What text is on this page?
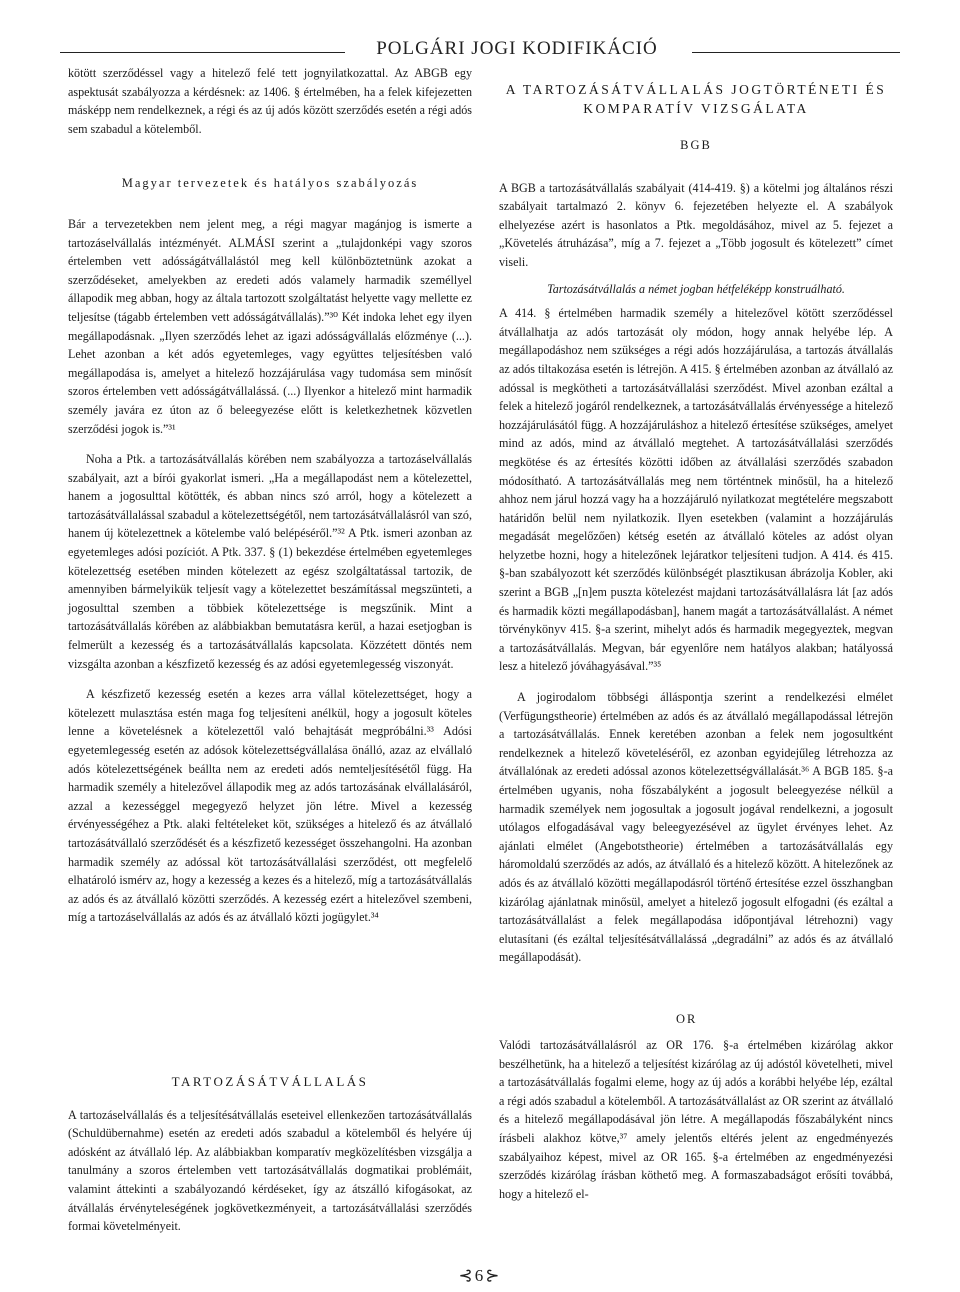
POLGÁRI JOGI KODIFIKÁCIÓ

kötött szerződéssel vagy a hitelező felé tett jognyilatkozattal. Az ABGB egy aspektusát szabályozza a kérdésnek: az 1406. § értelmében, ha a felek kifejezetten másképp nem rendelkeznek, a régi és az új adós között szerződés esetén a régi adós sem szabadul a kötelemből.

Magyar tervezetek és hatályos szabályozás

Bár a tervezetekben nem jelent meg, a régi magyar magánjog is ismerte a tartozáselvállalás intézményét. ALMÁSI szerint a „tulajdonképi vagy szoros értelemben vett adósságátvállalástól meg kell különböztetnünk azokat a szerződéseket, amelyekben az eredeti adós valamely harmadik személlyel állapodik meg abban, hogy az általa tartozott szolgáltatást helyette vagy mellette ez teljesítse (tágabb értelemben vett adósságátvállalás).”³⁰ Két indoka lehet egy ilyen megállapodásnak. „Ilyen szerződés lehet az igazi adósságvállalás előzménye (...). Lehet azonban a két adós egyetemleges, vagy együttes teljesítésben való megállapodása is, amelyet a hitelező hozzájárulása vagy tudomása sem minősít szoros értelemben vett adósságátvállalássá. (...) Ilyenkor a hitelező mint harmadik személy javára ez úton az ő beleegyezése előtt is keletkezhetnek közvetlen szerződési jogok is.”³¹

Noha a Ptk. a tartozásátvállalás körében nem szabályozza a tartozáselvállalás szabályait, azt a bírói gyakorlat ismeri. „Ha a megállapodást nem a kötelezettel, hanem a jogosulttal kötötték, és abban nincs szó arról, hogy a kötelezett a tartozásátvállalással szabadul a kötelezettségétől, nem tartozásátvállalásról van szó, hanem új kötelezettnek a kötelembe való belépéséről.”³² A Ptk. ismeri azonban az egyetemleges adósi pozíciót. A Ptk. 337. § (1) bekezdése értelmében egyetemleges kötelezettség esetében minden kötelezett az egész szolgáltatással tartozik, de amennyiben bármelyikük teljesít vagy a kötelezettet beszámítással megszünteti, a jogosulttal szemben a többiek kötelezettsége is megszűnik. Mint a tartozásátvállalás körében az alábbiakban bemutatásra kerül, a hazai esetjogban is felmerült a kezesség és a tartozásátvállalás kapcsolata. Közzétett döntés nem vizsgálta azonban a készfizető kezesség és az adósi egyetemlegesség viszonyát.

A készfizető kezesség esetén a kezes arra vállal kötelezettséget, hogy a kötelezett mulasztása estén maga fog teljesíteni anélkül, hogy a jogosult köteles lenne a követelésnek a kötelezettől való behajtását megpróbálni.³³ Adósi egyetemlegesség esetén az adósok kötelezettségvállalása önálló, azaz az elvállaló adós kötelezettségének beállta nem az eredeti adós nemteljesítésétől függ. Ha harmadik személy a hitelezővel állapodik meg az adós tartozásának elvállalásáról, azzal a kezességgel megegyező helyzet jön létre. Mivel a kezesség érvényességéhez a Ptk. alaki feltételeket köt, szükséges a hitelező és az átvállaló tartozásátvállaló szerződését és a készfizető kezességet összehangolni. Ha azonban harmadik személy az adóssal köt tartozásátvállalási szerződést, ott megfelelő elhatároló ismérv az, hogy a kezesség a kezes és a hitelező, míg a tartozásátvállalás az adós és az átvállaló közötti szerződés. A kezesség ezért a hitelezővel szembeni, míg a tartozáselvállalás az adós és az átvállaló közti jogügylet.³⁴

A TARTOZÁSÁTVÁLLALÁS JOGTÖRTÉNETI ÉS KOMPARATÍV VIZSGÁLATA
BGB

A BGB a tartozásátvállalás szabályait (414-419. §) a kötelmi jog általános részi szabályait tartalmazó 2. könyv 6. fejezetében helyezte el. A szabályok elhelyezése azért is hasonlatos a Ptk. megoldásához, mivel az 5. fejezet a „Követelés átruházása”, míg a 7. fejezet a „Több jogosult és kötelezett” címet viseli.

Tartozásátvállalás a német jogban hétfeléképp konstruálható.

A 414. § értelmében harmadik személy a hitelezővel kötött szerződéssel átvállalhatja az adós tartozását oly módon, hogy annak helyébe lép. A megállapodáshoz nem szükséges a régi adós hozzájárulása, a tartozás átvállalás az adós tiltakozása esetén is létrejön. A 415. § értelmében azonban az átvállaló az adóssal is megkötheti a tartozásátvállalási szerződést. Mivel azonban ezáltal a felek a hitelező jogáról rendelkeznek, a tartozásátvállalás érvényessége a hitelező hozzájárulásától függ. A hozzájáruláshoz a hitelező értesítése szükséges, amelyet mind az adós, mind az átvállaló megtehet. A tartozásátvállalási szerződés megkötése és az értesítés közötti időben az átvállalási szerződés szabadon módosítható. A tartozásátvállalás meg nem történtnek minősül, ha a hitelező ahhoz nem járul hozzá vagy ha a hozzájáruló nyilatkozat megtételére megszabott határidőn belül nem nyilatkozik. Ilyen esetekben (valamint a hozzájárulás megadását megelőzően) kétség esetén az átvállaló köteles az adóst olyan helyzetbe hozni, hogy a hitelezőnek lejáratkor teljesíteni tudjon. A 414. és 415. §-ban szabályozott két szerződés különbségét plasztikusan ábrázolja Kobler, aki szerint a BGB „[n]em puszta kötelezést majdani tartozásátvállalásra lát [az adós és harmadik közti megállapodásban], hanem magát a tartozásátvállalást. A német törvénykönyv 415. §-a szerint, mihelyt adós és harmadik megegyeztek, megvan a tartozásátvállalás. Megvan, bár egyenlőre nem hatályos alakban; hatályossá lesz a hitelező jóváhagyásával.”³⁵

A jogirodalom többségi álláspontja szerint a rendelkezési elmélet (Verfügungstheorie) értelmében az adós és az átvállaló megállapodással létrejön a tartozásátvállalás. Ennek keretében azonban a felek nem jogosultként rendelkeznek a hitelező követeléséről, ez azonban egyidejűleg létrehozza az átvállalónak az eredeti adóssal azonos kötelezettségvállalását.³⁶ A BGB 185. §-a értelmében ugyanis, noha főszabályként a jogosult beleegyezése nélkül a harmadik személyek nem jogosultak a jogosult jogával rendelkezni, a jogosult utólagos elfogadásával vagy beleegyezésével az ügylet érvényes lehet. Az ajánlati elmélet (Angebotstheorie) értelmében a tartozásátvállalás egy háromoldalú szerződés az adós, az átvállaló és a hitelező között. A hitelezőnek az adós és az átvállaló közötti megállapodásról történő értesítése ezzel összhangban kizárólag ajánlatnak minősül, amelyet a hitelező jogosult elfogadni (és ezáltal a tartozásátvállalást a felek megállapodása időpontjával létrehozni) vagy elutasítani (és ezáltal teljesítésátvállalássá „degradálni” az adós és az átvállaló megállapodását).

OR
TARTOZÁSÁTVÁLLALÁS

A tartozáselvállalás és a teljesítésátvállalás eseteivel ellenkezően tartozásátvállalás (Schuldübernahme) esetén az eredeti adós szabadul a kötelemből és helyére új adósként az átvállaló lép. Az alábbiakban komparatív megközelítésben vizsgálja a tanulmány a szoros értelemben vett tartozásátvállalás dogmatikai problémáit, valamint áttekinti a szabályozandó kérdéseket, így az átszálló kifogásokat, az átvállalás érvényteleségének jogkövetkezményeit, a tartozásátvállalási szerződés formai követelményeit.

Valódi tartozásátvállalásról az OR 176. §-a értelmében kizárólag akkor beszélhetünk, ha a hitelező a teljesítést kizárólag az új adóstól követelheti, mivel a tartozásátvállalás fogalmi eleme, hogy az új adós a korábbi helyébe lép, ezáltal a régi adós szabadul a kötelemből. A tartozásátvállalást az OR szerint az átvállaló és a hitelező megállapodásával jön létre. A megállapodás főszabályként nincs írásbeli alakhoz kötve,³⁷ amely jelentős eltérés jelent az engedményezés szabályaihoz képest, mivel az OR 165. §-a értelmében az engedményezési szerződés kizárólag írásban köthető meg. A formaszabadságot erősíti továbbá, hogy a hitelező el-

⊰6⊱
